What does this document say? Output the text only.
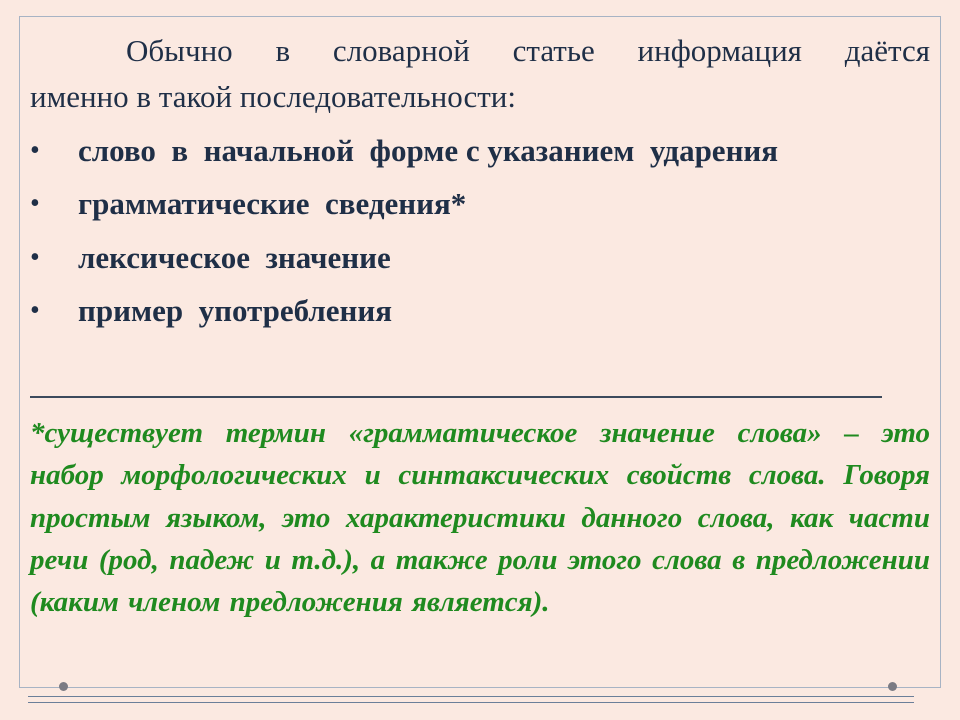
Обычно в словарной статье информация даётся
именно в такой последовательности:
•	слово  в  начальной  форме с указанием  ударения
•	грамматические  сведения*
•	лексическое  значение
•	пример  употребления
*существует термин «грамматическое значение слова» – это набор морфологических и синтаксических свойств слова. Говоря простым языком, это характеристики данного слова, как части речи (род, падеж и т.д.), а также роли этого слова в предложении (каким членом предложения является).
